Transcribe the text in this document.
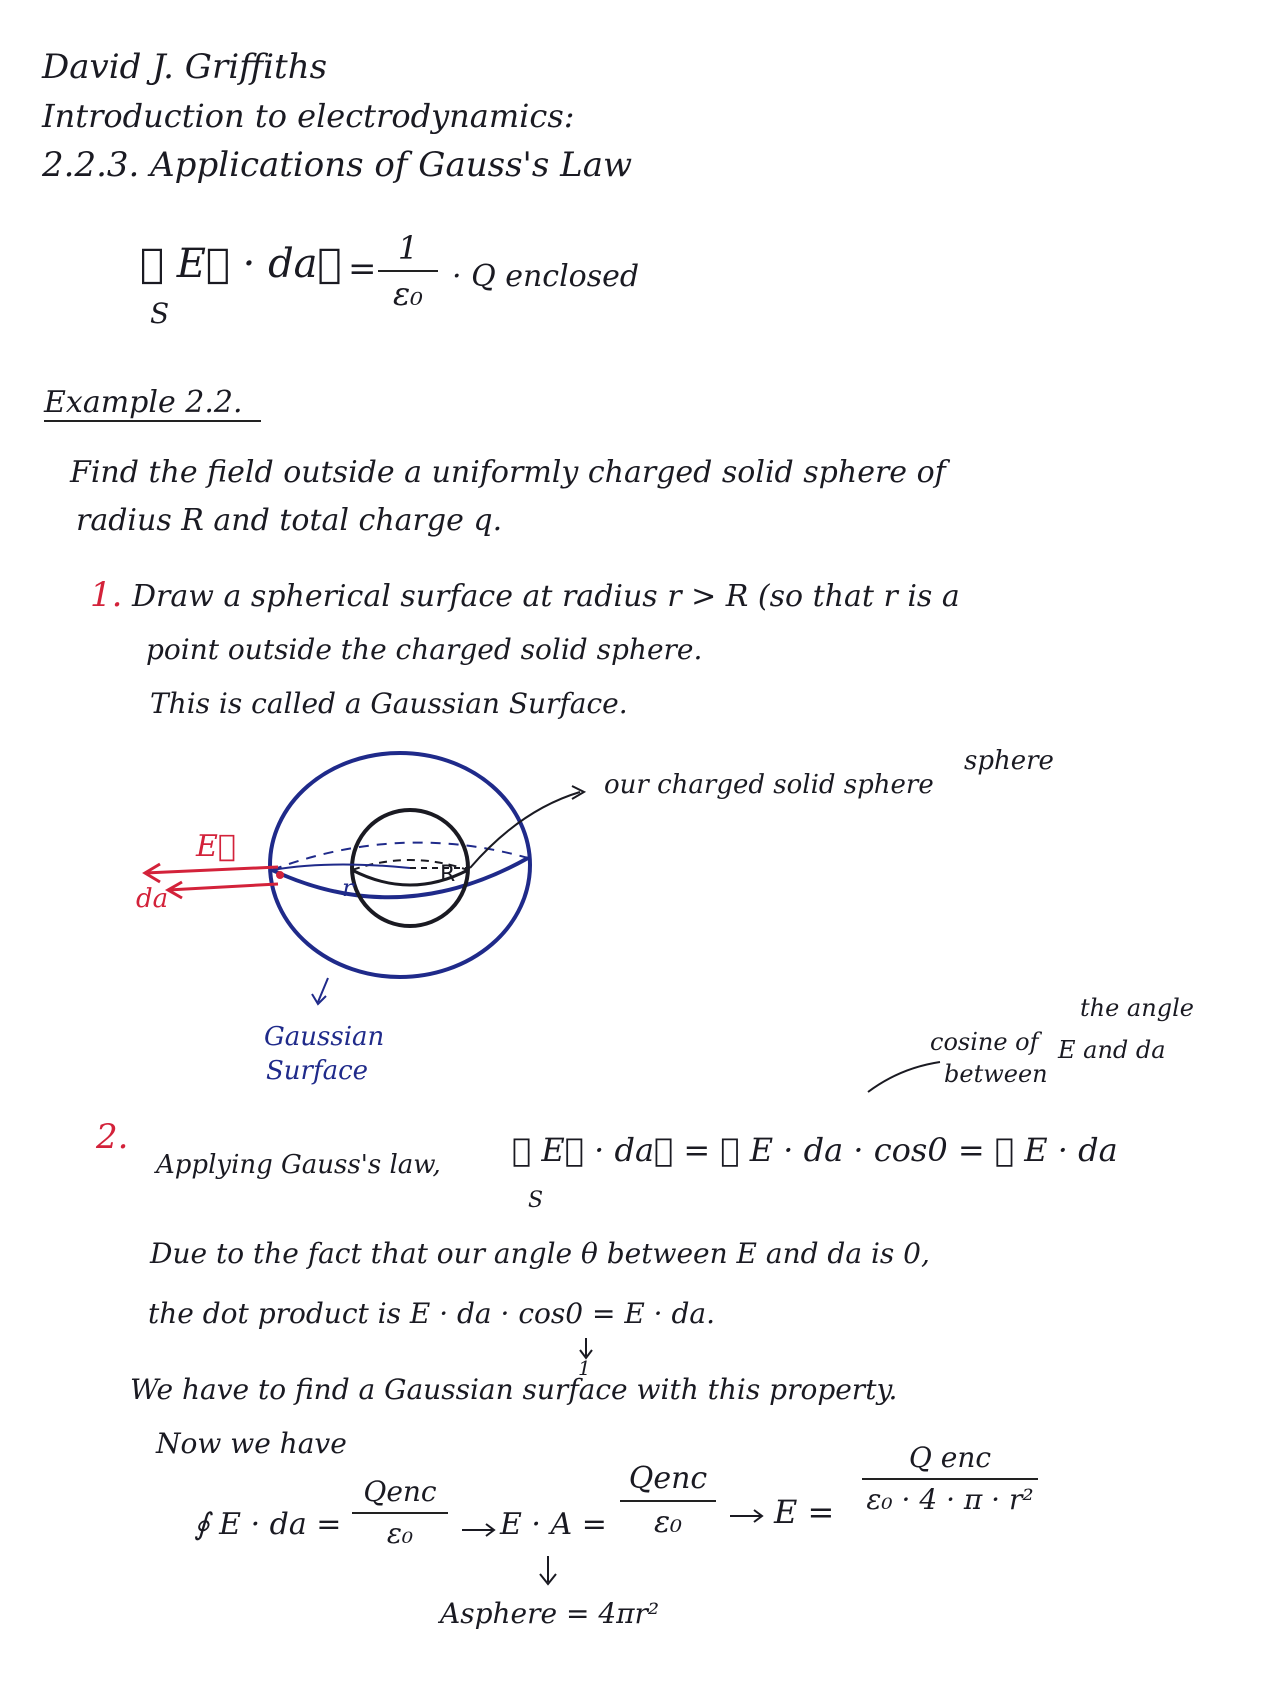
David J. Griffiths
Introduction to electrodynamics:
2.2.3. Applications of Gauss's Law
∮ E⃗ · da⃗
S
=
1
ε₀ · Q enclosed
Example 2.2.
Find the field outside a uniformly charged solid sphere of
radius R and total charge q.
1. Draw a spherical surface at radius r > R (so that r is a
point outside the charged solid sphere.
This is called a Gaussian Surface.
E⃗
da	r	R
our charged solid sphere
sphere
Gaussian
Surface
2.
Applying Gauss's law, ∮ E⃗ · da⃗ = ∮ E · da · cos0 = ∮ E · da
S
the angle
cosine of E and da
between
Due to the fact that our angle θ between E and da is 0,
the dot product is E · da · cos0 = E · da.
1
We have to find a Gaussian surface with this property.
Now we have
∮ E · da =
Qenc
ε₀	E · A =
Qenc
ε₀	E =
Q enc
ε₀ · 4 · π · r²
Asphere = 4πr²
